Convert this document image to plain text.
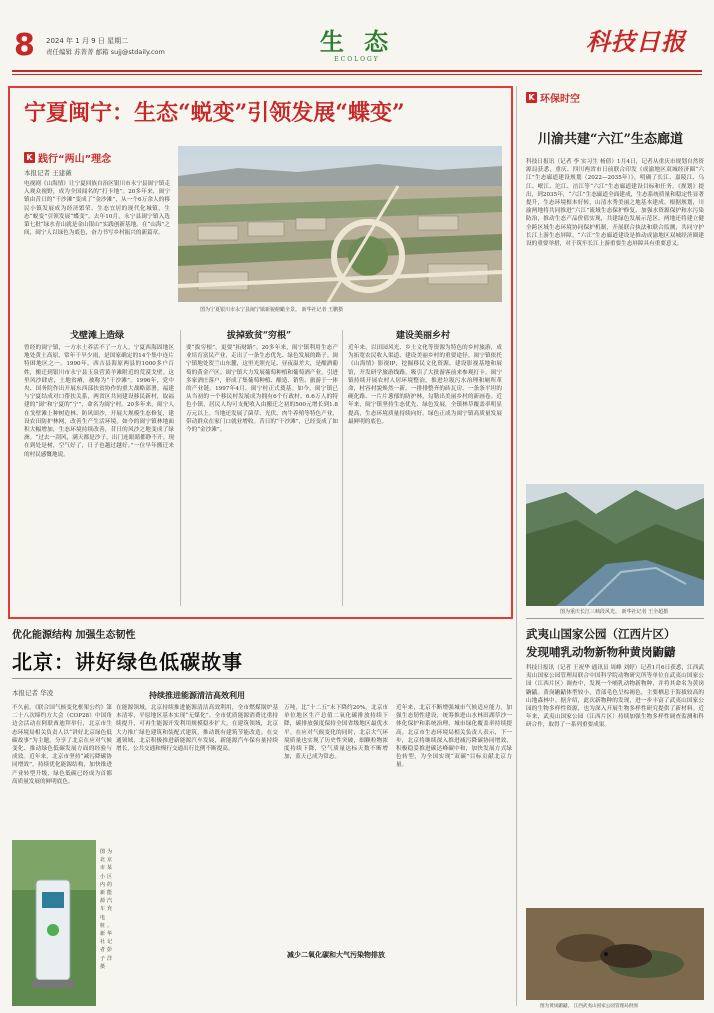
8 2024 年 1 月 9 日 星期二
责任编辑 苏菁菁 邮箱 sujj@stdaily.com	生 态
ECOLOGY
科技日报
宁夏闽宁：生态“蜕变”引领发展“蝶变”
K 践行“两山”理念
本报记者 王建薇
电视剧《山海情》让宁夏回族自治区银川市永宁县闽宁镇走入观众视野，成为全国闻名的“打卡地”。20多年来，闽宁镇由昔日的“干沙滩”变成了“金沙滩”，从一个6万余人的移民小镇发展成为经济繁荣、生态宜居的现代化城镇，生态“蜕变”引领发展“蝶变”。去年10月，永宁县闽宁镇入选第七批“绿水青山就是金山银山”实践创新基地。在“山海”之间，闽宁人以绿色为底色，奋力书写乡村振兴的新篇章。
图为宁夏银川市永宁县闽宁镇新貌俯瞰全景。 新华社记者 王鹏摄
戈壁滩上造绿	拔掉致贫“穷根”	建设美丽乡村
曾经的闽宁镇，一方水土养活不了一方人。宁夏西海固地区地处黄土高原，常年干旱少雨，是国家确定的14个集中连片特困地区之一。1990年，西吉县海原两县的1000多户百姓，搬迁到银川市永宁县玉泉营黄羊滩附近的荒漠戈壁。这里风沙肆虐，土地贫瘠，被称为“干沙滩”。1996年，党中央、国务院作出开展东西部扶贫协作的重大战略部署。福建与宁夏结成对口帮扶关系，两省区共同建设移民新村，取福建的“闽”和宁夏的“宁”，命名为闽宁村。20多年来，闽宁人在戈壁滩上种树造林、防风固沙，开展大规模生态修复，建设农田防护林网，改善生产生活环境。如今的闽宁镇林地面积大幅增加，生态环境持续改善，昔日的风沙之地变成了绿洲。“过去一刮风，满天都是沙子，出门连眼睛都睁不开。现在到处是树，空气好了，日子也越过越好。”一位早年搬迁来的村民感慨地说。
要“拔穷根”，更要“拓财路”。20多年来，闽宁镇利用生态产业培育富民产业，走出了一条生态优先、绿色发展的路子。闽宁镇地处贺兰山东麓，这里光照充足、昼夜温差大，是酿酒葡萄的黄金产区。闽宁镇大力发展葡萄种植和葡萄酒产业，引进多家酒庄落户，形成了集葡萄种植、酿造、销售、旅游于一体的产业链。1997年4月，闽宁村正式奠基。如今，闽宁镇已从当初的一个移民村发展成为拥有6个行政村、6.6万人的特色小镇，居民人均可支配收入由搬迁之初的500元增长到1.8万元以上。当地还发展了菌草、光伏、肉牛养殖等特色产业，带动群众在家门口就业增收。昔日的“干沙滩”，已经变成了如今的“金沙滩”。
近年来，以田园风光、乡土文化等资源为特色的乡村旅游，成为拓宽农民收入渠道、建设美丽乡村的重要途径。闽宁镇依托《山海情》影视IP，挖掘移民文化资源，建设影视基地和展馆，开发研学旅游线路，吸引了大批游客前来参观打卡。闽宁镇持续开展农村人居环境整治，推进垃圾污水治理和厕所革命，村容村貌焕然一新。一排排整齐的砖瓦房、一条条平坦的硬化路、一片片葱郁的防护林，勾勒出美丽乡村的新画卷。近年来，闽宁镇坚持生态优先、绿色发展，全镇林草覆盖率明显提高，生态环境质量持续向好。绿色正成为闽宁镇高质量发展最鲜明的底色。
优化能源结构 加强生态韧性
北京：讲好绿色低碳故事
本报记者 华凌
不久前，《联合国气候变化框架公约》第二十八次缔约方大会（COP28）中国角边会活动在阿联酋迪拜举行，北京市生态环境局相关负责人以“讲好北京绿色低碳故事”为主题，分享了北京在应对气候变化、推动绿色低碳发展方面的经验与成效。近年来，北京市坚持“减污降碳协同增效”，持续优化能源结构，加快推进产业转型升级，绿色低碳已经成为首都高质量发展的鲜明底色。
图为北京市某小区内的新能源汽车充电桩。 新华社记者 彭子洋摄
持续推进能源清洁高效利用
在能源领域，北京持续推进能源清洁高效利用，全市燃煤锅炉基本清零，平原地区基本实现“无煤化”。全市优质能源消费比重持续提升，可再生能源开发利用规模稳步扩大。在建筑领域，北京大力推广绿色建筑和装配式建筑，推动既有建筑节能改造。在交通领域，北京积极推进新能源汽车发展，新能源汽车保有量持续增长，公共交通和慢行交通出行比例不断提高。
万吨，比“十二五”末下降约20%。北京市单位地区生产总值二氧化碳排放持续下降，碳排放强度保持全国省级地区最优水平。在应对气候变化的同时，北京大气环境质量也实现了历史性突破，细颗粒物浓度持续下降，空气质量达标天数不断增加，蓝天已成为常态。
减少二氧化碳和大气污染物排放
近年来，北京不断增强城市气候适应能力，加强生态韧性建设，统筹推进山水林田湖草沙一体化保护和系统治理，城市绿化覆盖率持续提高。北京市生态环境局相关负责人表示，下一步，北京将继续深入推进减污降碳协同增效，积极稳妥推进碳达峰碳中和，加快发展方式绿色转型，为全国实现“双碳”目标贡献北京力量。
K 环保时空
川渝共建“六江”生态廊道
科技日报讯（记者 李 实习生 杨倩）1月4日，记者从重庆市规划自然资源局获悉，重庆、四川两省市日前联合印发《成渝地区双城经济圈“六江”生态廊道建设规划（2022—2035年）》，明确了长江、嘉陵江、乌江、岷江、沱江、涪江等“六江”生态廊道建设目标和任务。《规划》提出，到2035年，“六江”生态廊道全面建成，生态系统质量和稳定性显著提升，生态环境根本好转，山清水秀美丽之地基本建成。根据规划，川渝两地将共同推进“六江”流域生态保护修复，加强水资源保护和水污染防治，推动生态产品价值实现，共建绿色发展示范区。两地还将建立健全跨区域生态环境协同保护机制，开展联合执法和联合监测，共同守护长江上游生态屏障。“六江”生态廊道建设是推动成渝地区双城经济圈建设的重要举措，对于筑牢长江上游重要生态屏障具有重要意义。
图为重庆长江三峡段风光。 新华社记者 王全超摄
武夷山国家公园（江西片区）
发现哺乳动物新物种黄岗鼩鼱
科技日报讯（记者 王祝华 通讯员 周峰 刘婷）记者1月6日获悉，江西武夷山国家公园管理局联合中国科学院动物研究所等单位在武夷山国家公园（江西片区）调查中，发现一个哺乳动物新物种，并将其命名为黄岗鼩鼱。黄岗鼩鼱体型较小，背部毛色呈棕褐色，主要栖息于海拔较高的山地森林中。据介绍，此次新物种的发现，进一步丰富了武夷山国家公园的生物多样性资源，也为深入开展生物多样性研究提供了新材料。近年来，武夷山国家公园（江西片区）持续加强生物多样性调查监测和科研合作，取得了一系列重要成果。
图为黄岗鼩鼱。 江西武夷山国家公园管理局供图
